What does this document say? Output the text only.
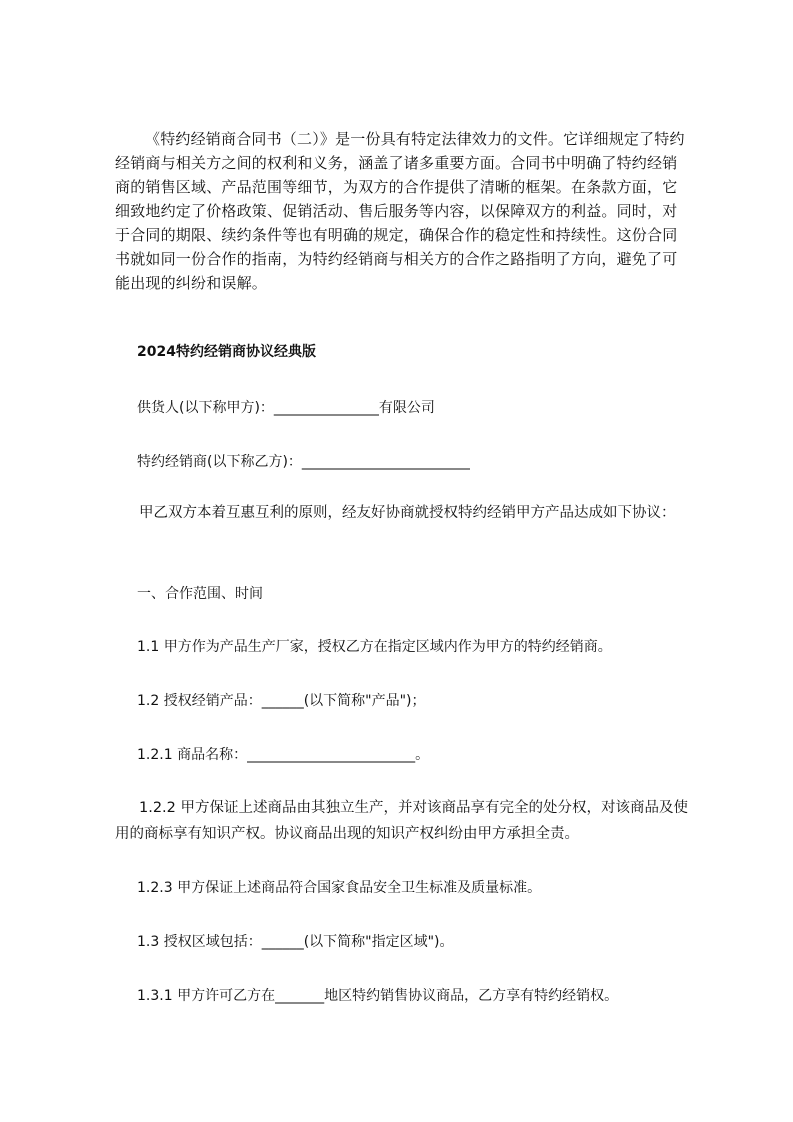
《特约经销商合同书（二）》是一份具有特定法律效力的文件。它详细规定了特约经销商与相关方之间的权利和义务，涵盖了诸多重要方面。合同书中明确了特约经销商的销售区域、产品范围等细节，为双方的合作提供了清晰的框架。在条款方面，它细致地约定了价格政策、促销活动、售后服务等内容，以保障双方的利益。同时，对于合同的期限、续约条件等也有明确的规定，确保合作的稳定性和持续性。这份合同书就如同一份合作的指南，为特约经销商与相关方的合作之路指明了方向，避免了可能出现的纠纷和误解。

2024特约经销商协议经典版
供货人(以下称甲方)：_______________有限公司
特约经销商(以下称乙方)：________________________

甲乙双方本着互惠互利的原则，经友好协商就授权特约经销甲方产品达成如下协议：

一、合作范围、时间
1.1 甲方作为产品生产厂家，授权乙方在指定区域内作为甲方的特约经销商。
1.2 授权经销产品：______(以下简称"产品")；
1.2.1 商品名称：________________________。

1.2.2 甲方保证上述商品由其独立生产，并对该商品享有完全的处分权，对该商品及使用的商标享有知识产权。协议商品出现的知识产权纠纷由甲方承担全责。

1.2.3 甲方保证上述商品符合国家食品安全卫生标准及质量标准。
1.3 授权区域包括：______(以下简称"指定区域")。
1.3.1 甲方许可乙方在_______地区特约销售协议商品，乙方享有特约经销权。
